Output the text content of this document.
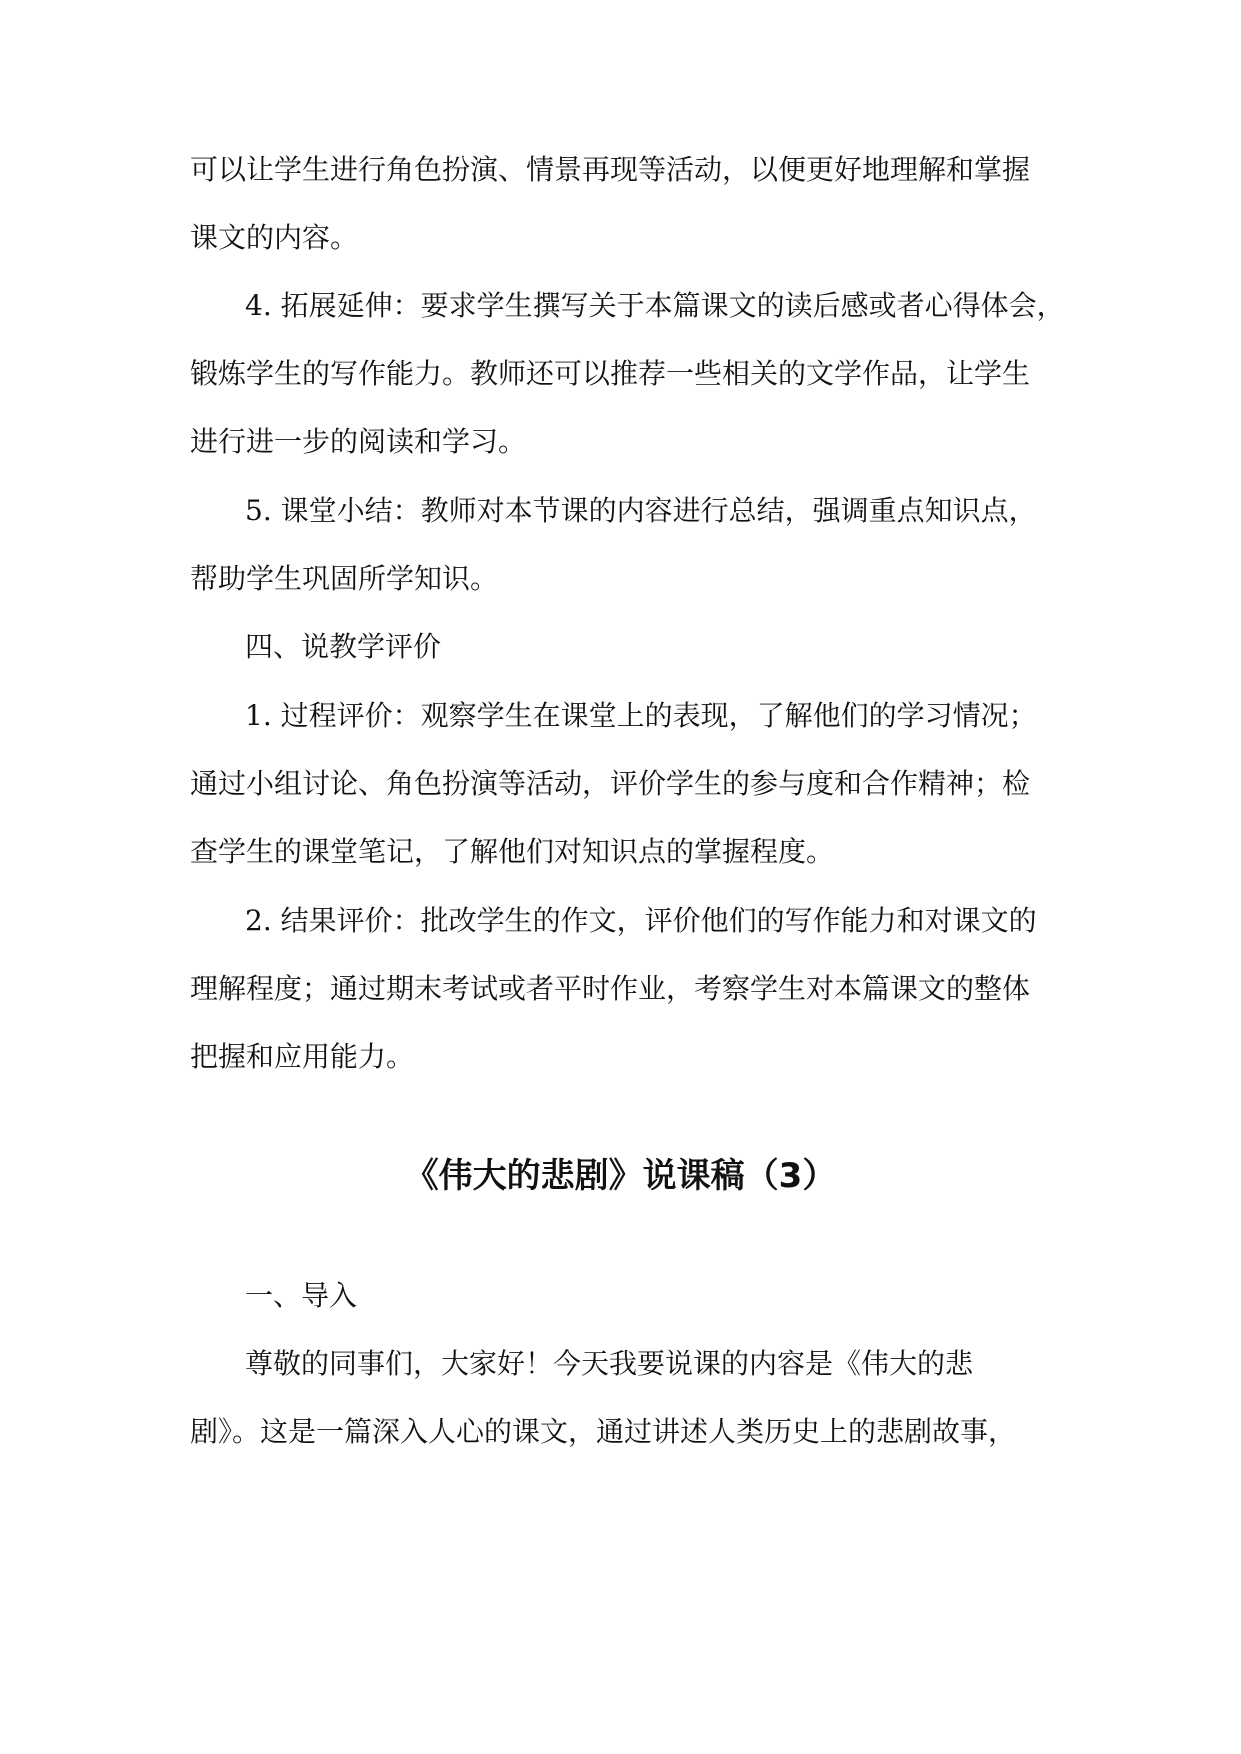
可以让学生进行角色扮演、情景再现等活动，以便更好地理解和掌握
课文的内容。
4. 拓展延伸：要求学生撰写关于本篇课文的读后感或者心得体会，
锻炼学生的写作能力。教师还可以推荐一些相关的文学作品，让学生
进行进一步的阅读和学习。
5. 课堂小结：教师对本节课的内容进行总结，强调重点知识点，
帮助学生巩固所学知识。
四、说教学评价
1. 过程评价：观察学生在课堂上的表现，了解他们的学习情况；
通过小组讨论、角色扮演等活动，评价学生的参与度和合作精神；检
查学生的课堂笔记，了解他们对知识点的掌握程度。
2. 结果评价：批改学生的作文，评价他们的写作能力和对课文的
理解程度；通过期末考试或者平时作业，考察学生对本篇课文的整体
把握和应用能力。
《伟大的悲剧》说课稿（3）
一、导入
尊敬的同事们，大家好！今天我要说课的内容是《伟大的悲
剧》。这是一篇深入人心的课文，通过讲述人类历史上的悲剧故事，
